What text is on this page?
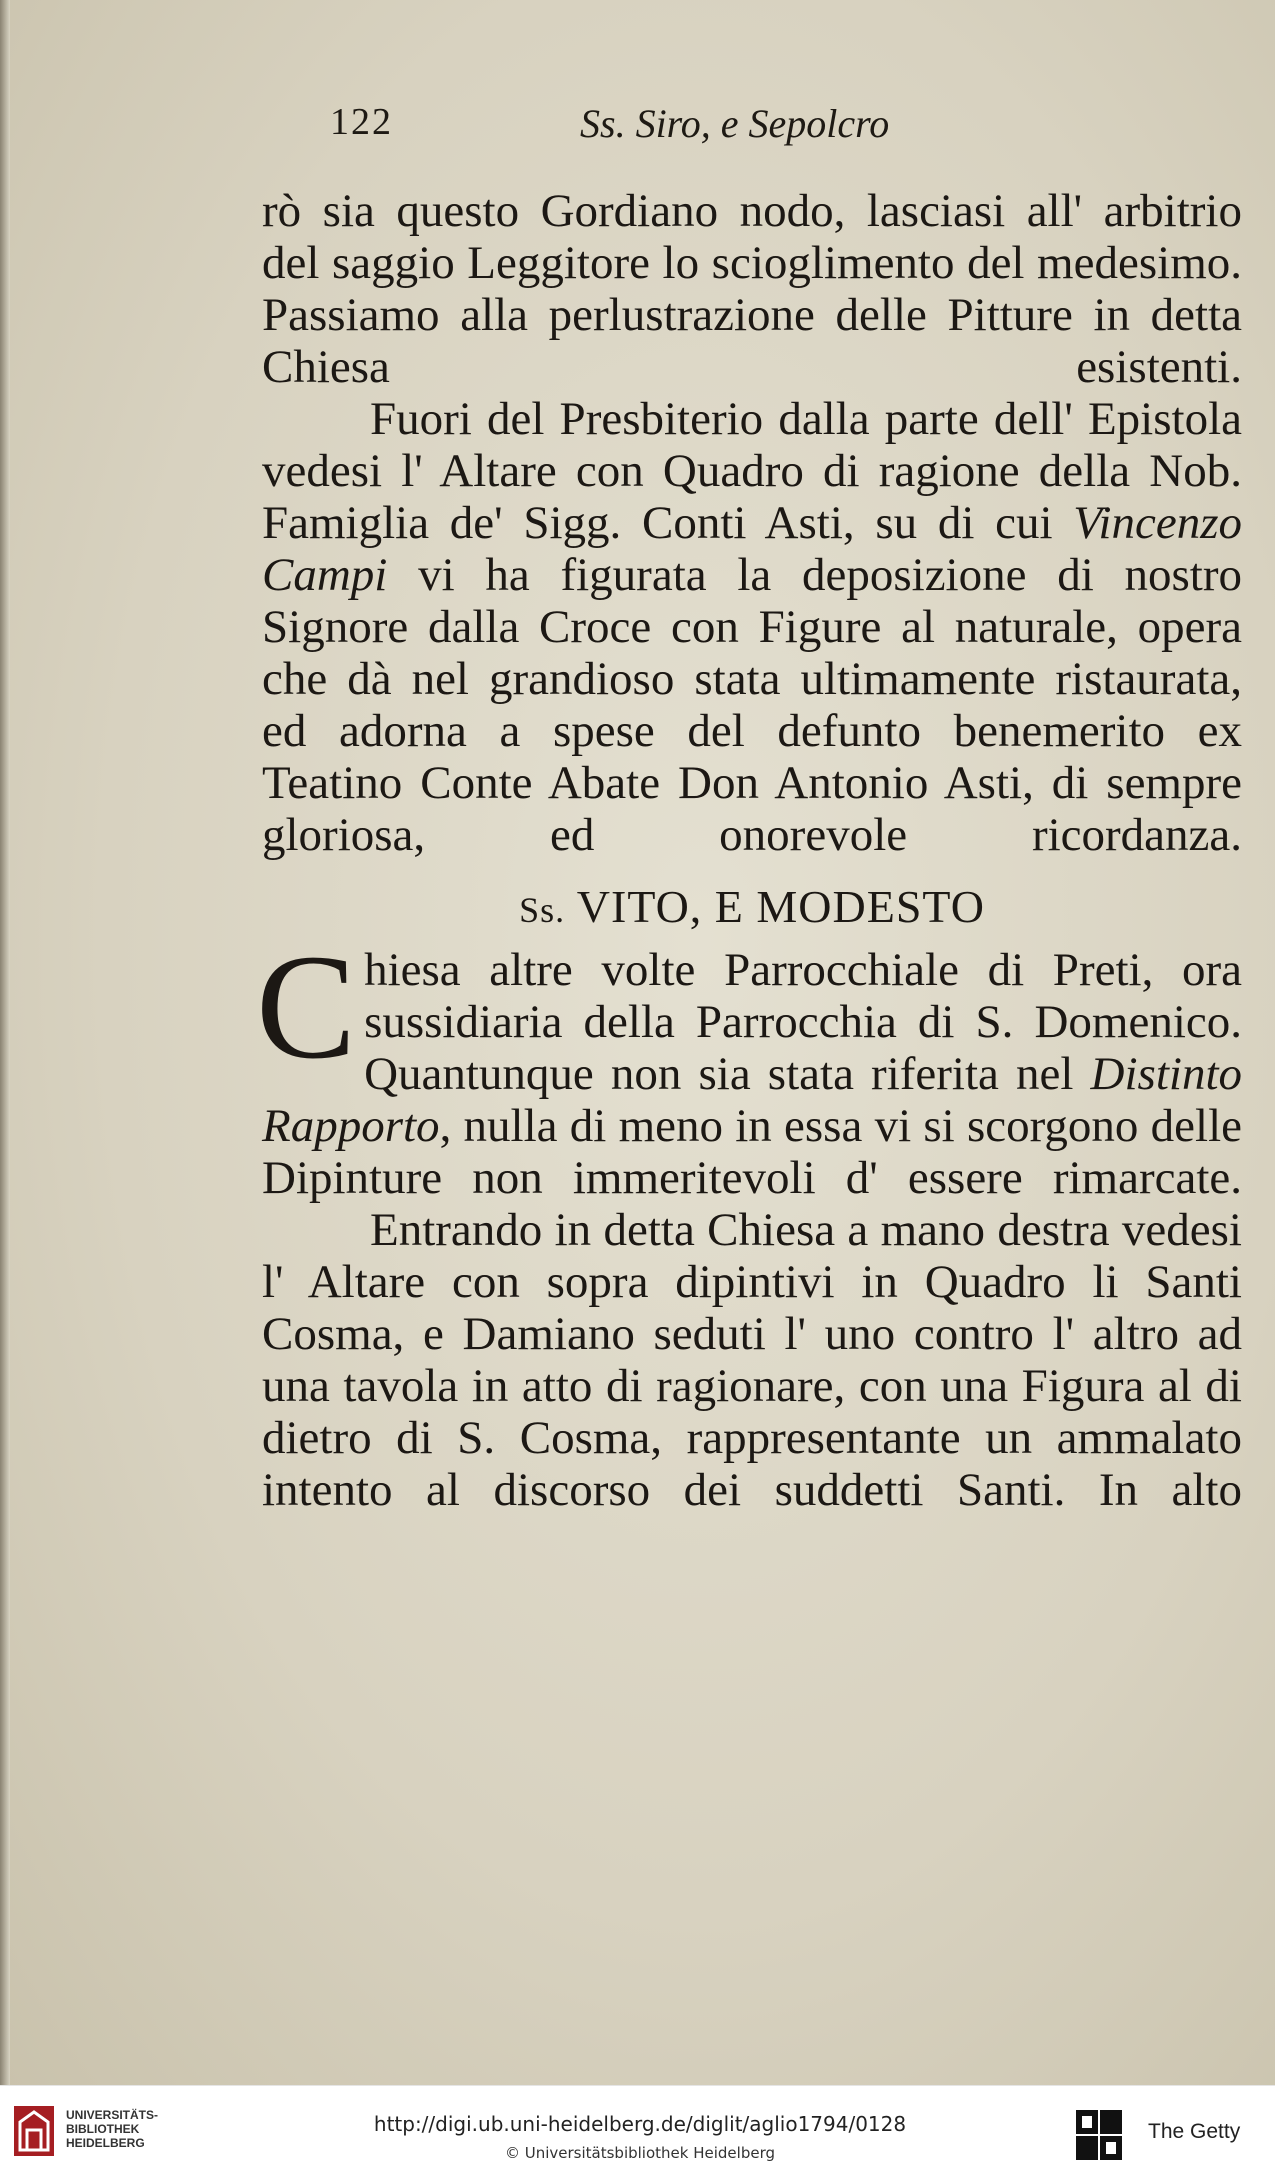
122	Ss. Siro, e Sepolcro

rò sia questo Gordiano nodo, lasciasi all' arbitrio del saggio Leggitore lo scioglimento del medesimo. Passiamo alla perlustrazione delle Pitture in detta Chiesa esistenti.

Fuori del Presbiterio dalla parte dell' Epistola vedesi l' Altare con Quadro di ragione della Nob. Famiglia de' Sigg. Conti Asti, su di cui Vincenzo Campi vi ha figurata la deposizione di nostro Signore dalla Croce con Figure al naturale, opera che dà nel grandioso stata ultimamente ristaurata, ed adorna a spese del defunto benemerito ex Teatino Conte Abate Don Antonio Asti, di sempre gloriosa, ed onorevole ricordanza.

Ss. VITO, E MODESTO

Chiesa altre volte Parrocchiale di Preti, ora sussidiaria della Parrocchia di S. Domenico. Quantunque non sia stata riferita nel Distinto Rapporto, nulla di meno in essa vi si scorgono delle Dipinture non immeritevoli d' essere rimarcate.

Entrando in detta Chiesa a mano destra vedesi l' Altare con sopra dipintivi in Quadro li Santi Cosma, e Damiano seduti l' uno contro l' altro ad una tavola in atto di ragionare, con una Figura al di dietro di S. Cosma, rappresentante un ammalato intento al discorso dei suddetti Santi. In alto

UNIVERSITÄTS-
BIBLIOTHEK
HEIDELBERG
http://digi.ub.uni-heidelberg.de/diglit/aglio1794/0128
© Universitätsbibliothek Heidelberg
The Getty
